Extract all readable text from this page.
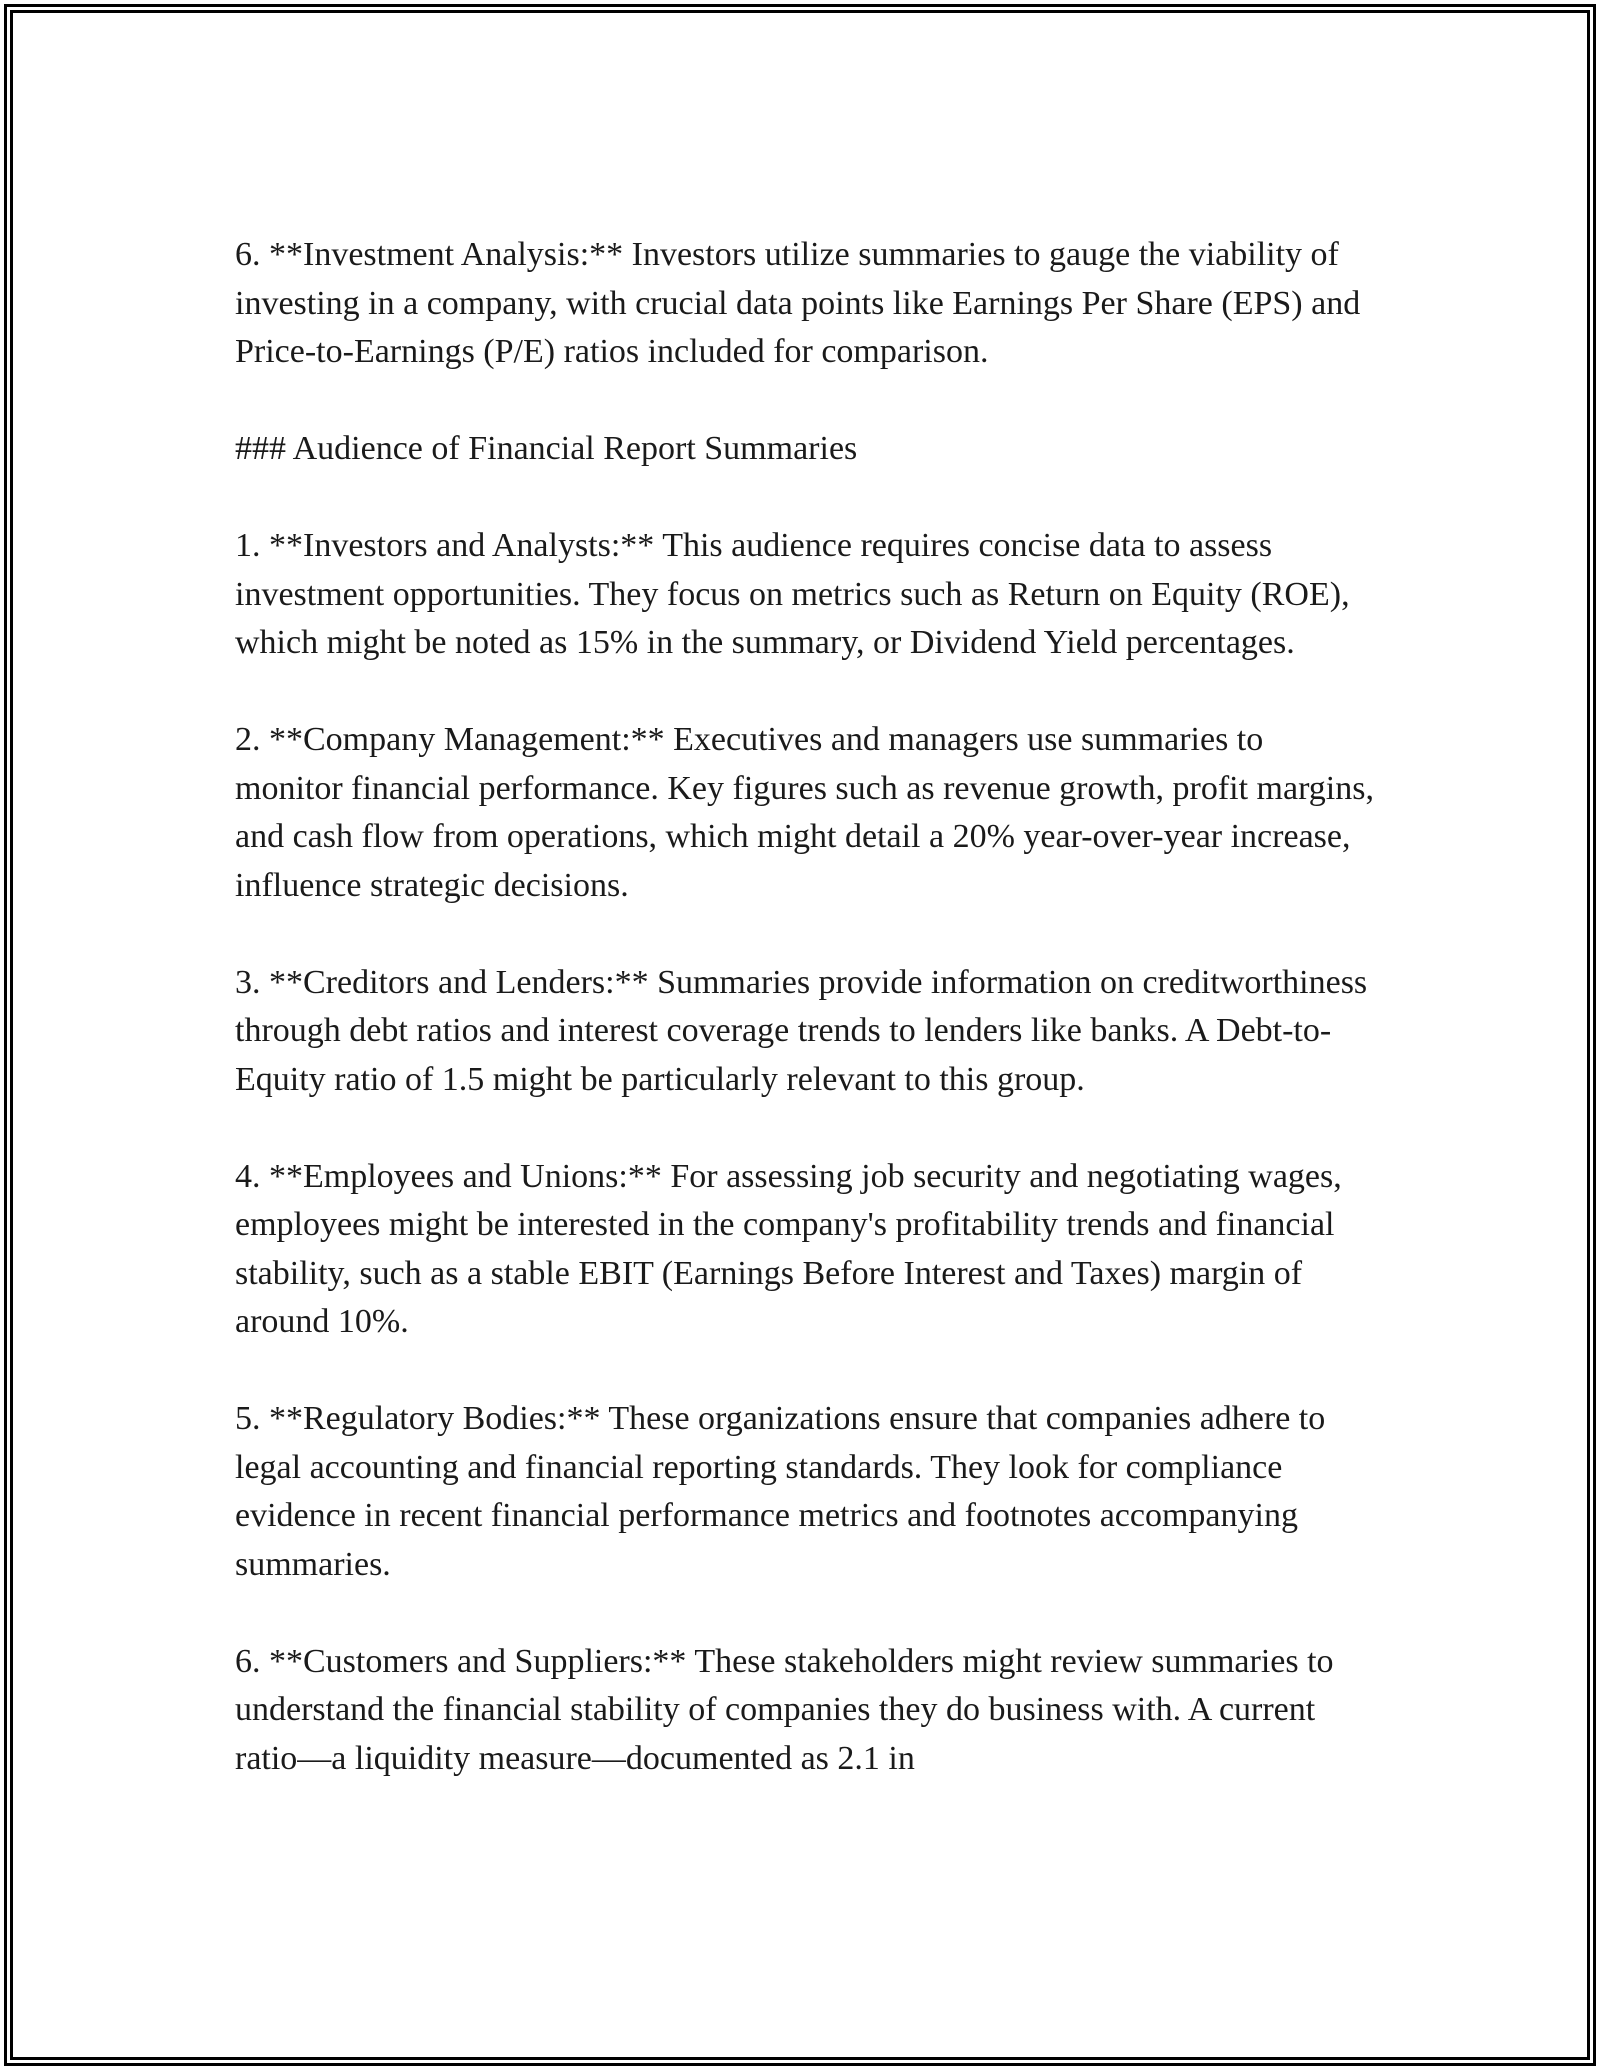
6. **Investment Analysis:** Investors utilize summaries to gauge the viability of investing in a company, with crucial data points like Earnings Per Share (EPS) and Price-to-Earnings (P/E) ratios included for comparison.

### Audience of Financial Report Summaries

1. **Investors and Analysts:** This audience requires concise data to assess investment opportunities. They focus on metrics such as Return on Equity (ROE), which might be noted as 15% in the summary, or Dividend Yield percentages.

2. **Company Management:** Executives and managers use summaries to monitor financial performance. Key figures such as revenue growth, profit margins, and cash flow from operations, which might detail a 20% year-over-year increase, influence strategic decisions.

3. **Creditors and Lenders:** Summaries provide information on creditworthiness through debt ratios and interest coverage trends to lenders like banks. A Debt-to-Equity ratio of 1.5 might be particularly relevant to this group.

4. **Employees and Unions:** For assessing job security and negotiating wages, employees might be interested in the company's profitability trends and financial stability, such as a stable EBIT (Earnings Before Interest and Taxes) margin of around 10%.

5. **Regulatory Bodies:** These organizations ensure that companies adhere to legal accounting and financial reporting standards. They look for compliance evidence in recent financial performance metrics and footnotes accompanying summaries.

6. **Customers and Suppliers:** These stakeholders might review summaries to understand the financial stability of companies they do business with. A current ratio—a liquidity measure—documented as 2.1 in
